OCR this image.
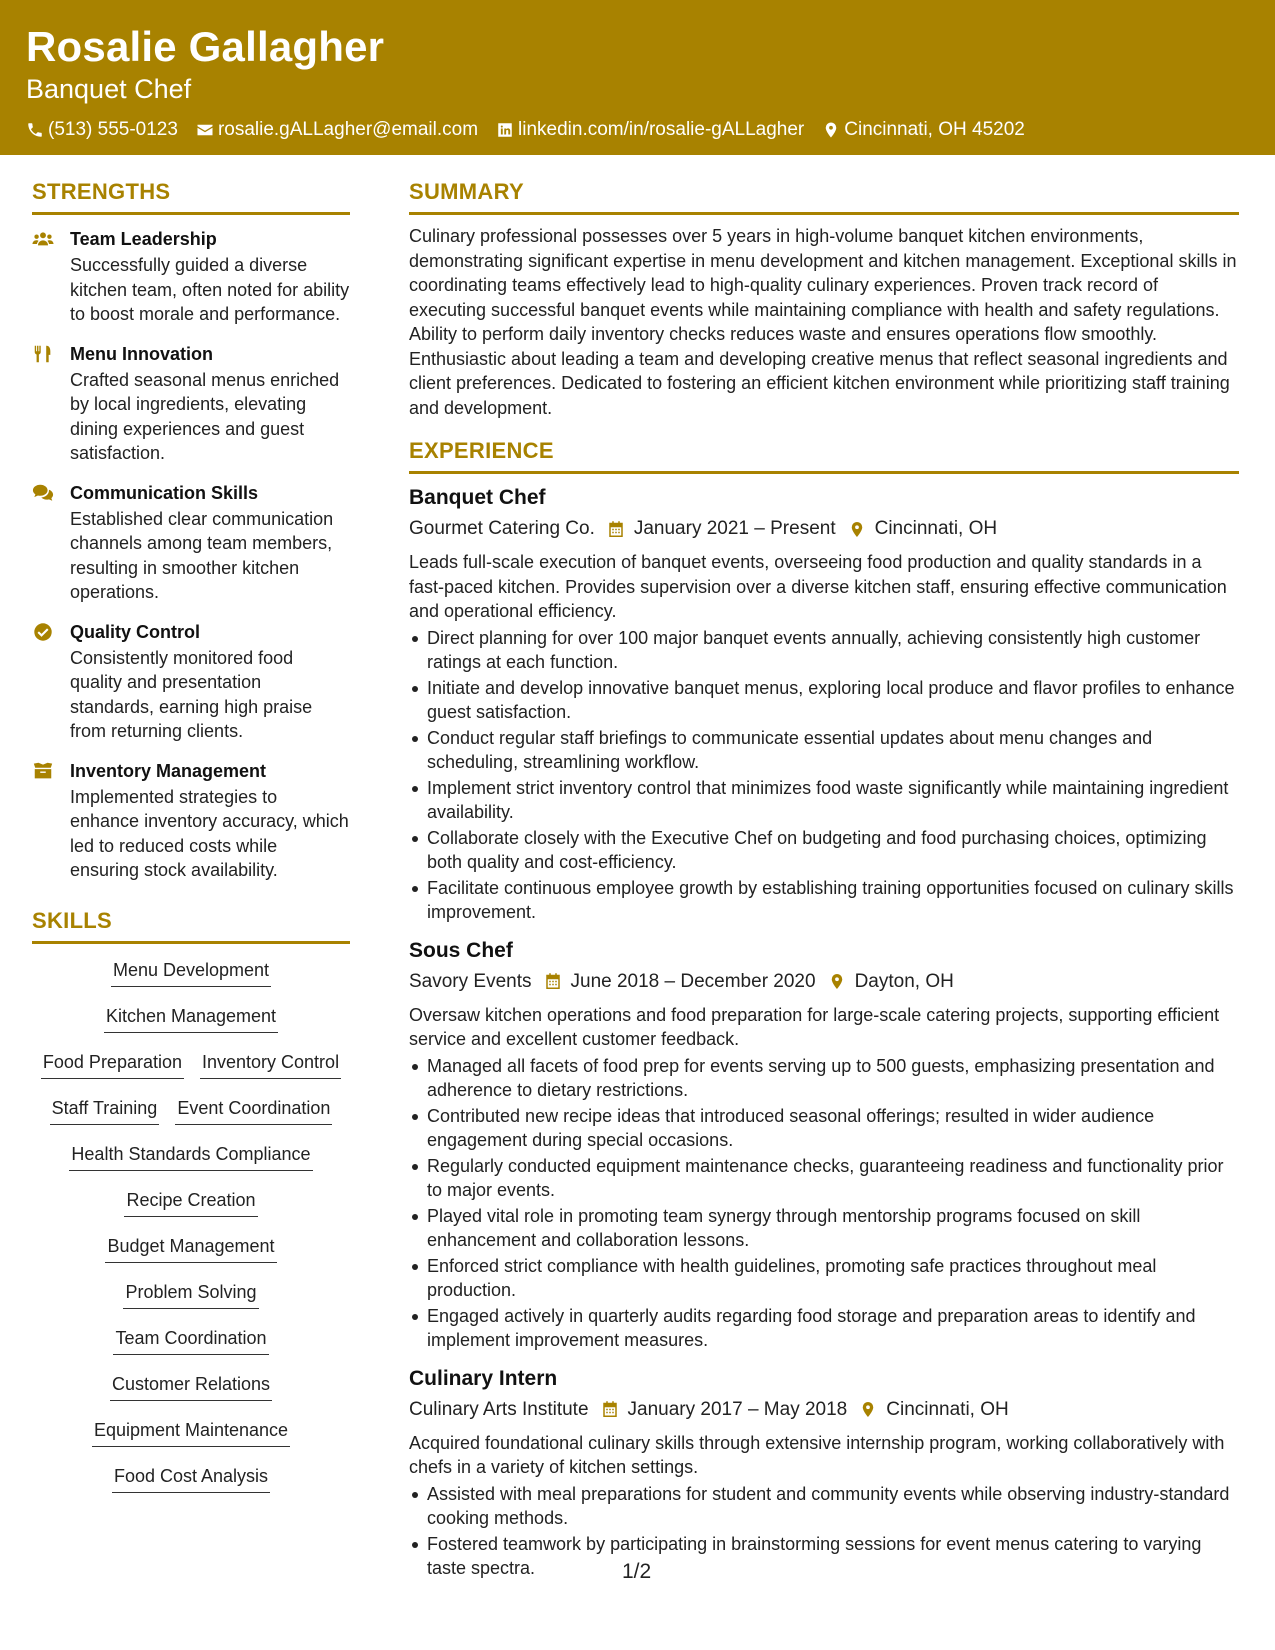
Rosalie Gallagher
Banquet Chef
(513) 555-0123 rosalie.gALLagher@email.com linkedin.com/in/rosalie-gALLagher Cincinnati, OH 45202
STRENGTHS
Team Leadership
Successfully guided a diverse kitchen team, often noted for ability to boost morale and performance.
Menu Innovation
Crafted seasonal menus enriched by local ingredients, elevating dining experiences and guest satisfaction.
Communication Skills
Established clear communication channels among team members, resulting in smoother kitchen operations.
Quality Control
Consistently monitored food quality and presentation standards, earning high praise from returning clients.
Inventory Management
Implemented strategies to enhance inventory accuracy, which led to reduced costs while ensuring stock availability.
SKILLS
Menu Development
Kitchen Management
Food Preparation Inventory Control
Staff Training Event Coordination
Health Standards Compliance
Recipe Creation
Budget Management
Problem Solving
Team Coordination
Customer Relations
Equipment Maintenance
Food Cost Analysis
SUMMARY
Culinary professional possesses over 5 years in high-volume banquet kitchen environments, demonstrating significant expertise in menu development and kitchen management. Exceptional skills in coordinating teams effectively lead to high-quality culinary experiences. Proven track record of executing successful banquet events while maintaining compliance with health and safety regulations. Ability to perform daily inventory checks reduces waste and ensures operations flow smoothly. Enthusiastic about leading a team and developing creative menus that reflect seasonal ingredients and client preferences. Dedicated to fostering an efficient kitchen environment while prioritizing staff training and development.
EXPERIENCE
Banquet Chef
Gourmet Catering Co. January 2021 – Present Cincinnati, OH
Leads full-scale execution of banquet events, overseeing food production and quality standards in a fast-paced kitchen. Provides supervision over a diverse kitchen staff, ensuring effective communication and operational efficiency.
Direct planning for over 100 major banquet events annually, achieving consistently high customer ratings at each function.
Initiate and develop innovative banquet menus, exploring local produce and flavor profiles to enhance guest satisfaction.
Conduct regular staff briefings to communicate essential updates about menu changes and scheduling, streamlining workflow.
Implement strict inventory control that minimizes food waste significantly while maintaining ingredient availability.
Collaborate closely with the Executive Chef on budgeting and food purchasing choices, optimizing both quality and cost-efficiency.
Facilitate continuous employee growth by establishing training opportunities focused on culinary skills improvement.
Sous Chef
Savory Events June 2018 – December 2020 Dayton, OH
Oversaw kitchen operations and food preparation for large-scale catering projects, supporting efficient service and excellent customer feedback.
Managed all facets of food prep for events serving up to 500 guests, emphasizing presentation and adherence to dietary restrictions.
Contributed new recipe ideas that introduced seasonal offerings; resulted in wider audience engagement during special occasions.
Regularly conducted equipment maintenance checks, guaranteeing readiness and functionality prior to major events.
Played vital role in promoting team synergy through mentorship programs focused on skill enhancement and collaboration lessons.
Enforced strict compliance with health guidelines, promoting safe practices throughout meal production.
Engaged actively in quarterly audits regarding food storage and preparation areas to identify and implement improvement measures.
Culinary Intern
Culinary Arts Institute January 2017 – May 2018 Cincinnati, OH
Acquired foundational culinary skills through extensive internship program, working collaboratively with chefs in a variety of kitchen settings.
Assisted with meal preparations for student and community events while observing industry-standard cooking methods.
Fostered teamwork by participating in brainstorming sessions for event menus catering to varying taste spectra.	1/2
